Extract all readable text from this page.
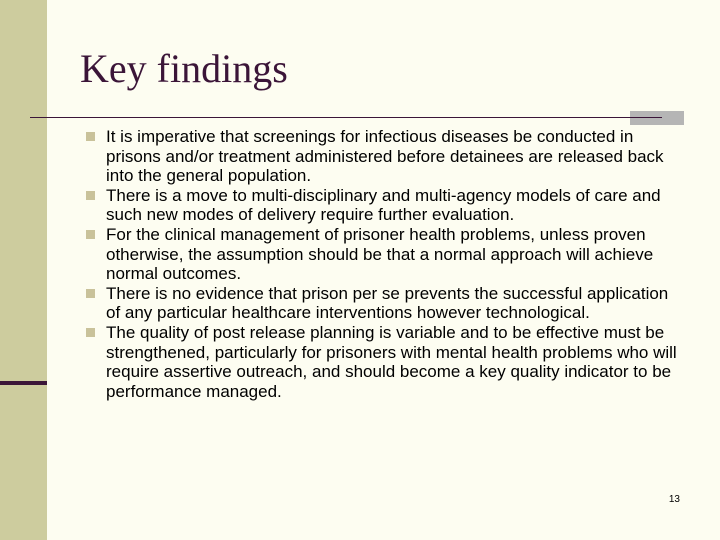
Key findings
It is imperative that screenings for infectious diseases be conducted in prisons and/or treatment administered before detainees are released back into the general population.
There is a move to multi-disciplinary and multi-agency models of care and such new modes of delivery require further evaluation.
For the clinical management of prisoner health problems, unless proven otherwise, the assumption should be that a normal approach will achieve normal outcomes.
There is no evidence that prison per se prevents the successful application of any particular healthcare interventions however technological.
The quality of post release planning is variable and to be effective must be strengthened, particularly for prisoners with mental health problems who will require assertive outreach, and should become a key quality indicator to be performance managed.
13
